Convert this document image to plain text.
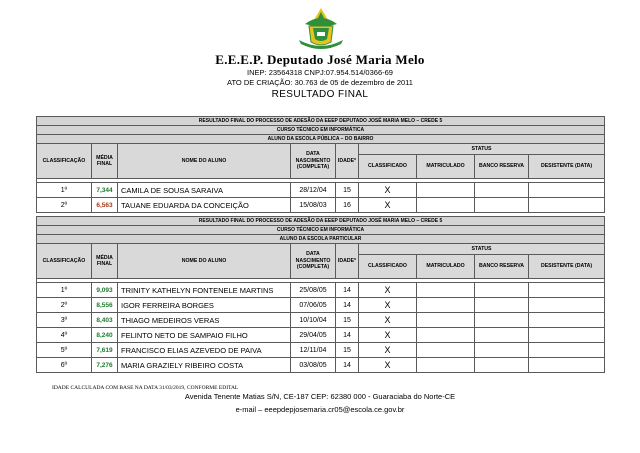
E.E.E.P. Deputado José Maria Melo
INEP: 23564318 CNPJ:07.954.514/0366-69
ATO DE CRIAÇÃO: 30.763 de 05 de dezembro de 2011
RESULTADO FINAL
RESULTADO FINAL DO PROCESSO DE ADESÃO DA EEEP DEPUTADO JOSÉ MARIA MELO – CREDE 5								
CURSO TÉCNICO EM INFORMÁTICA								
ALUNO DA ESCOLA PÚBLICA – DO BAIRRO								
CLASSIFICAÇÃO	MÉDIA FINAL	NOME DO ALUNO	DATA NASCIMENTO (COMPLETA)	IDADE*	STATUS			
					CLASSIFICADO	MATRICULADO	BANCO RESERVA	DESISTENTE (DATA)

1º	7,344	CAMILA DE SOUSA SARAIVA	28/12/04	15	X			
2º	6,563	TAUANE EDUARDA DA CONCEIÇÃO	15/08/03	16	X			
RESULTADO FINAL DO PROCESSO DE ADESÃO DA EEEP DEPUTADO JOSÉ MARIA MELO – CREDE 5								
CURSO TÉCNICO EM INFORMÁTICA								
ALUNO DA ESCOLA PARTICULAR								
CLASSIFICAÇÃO	MÉDIA FINAL	NOME DO ALUNO	DATA NASCIMENTO (COMPLETA)	IDADE*	STATUS			
					CLASSIFICADO	MATRICULADO	BANCO RESERVA	DESISTENTE (DATA)

1º	9,093	TRINITY KATHELYN FONTENELE MARTINS	25/08/05	14	X			
2º	8,556	IGOR FERREIRA BORGES	07/06/05	14	X			
3º	8,403	THIAGO MEDEIROS VERAS	10/10/04	15	X			
4º	8,240	FELINTO NETO DE SAMPAIO FILHO	29/04/05	14	X			
5º	7,619	FRANCISCO ELIAS AZEVEDO DE PAIVA	12/11/04	15	X			
6º	7,276	MARIA GRAZIELY RIBEIRO COSTA	03/08/05	14	X			
IDADE CALCULADA COM BASE NA DATA 31/03/2019, CONFORME EDITAL
Avenida Tenente Matias S/N, CE-187 CEP: 62380 000 - Guaraciaba do Norte-CE
e-mail – eeepdepjosemaria.cr05@escola.ce.gov.br
